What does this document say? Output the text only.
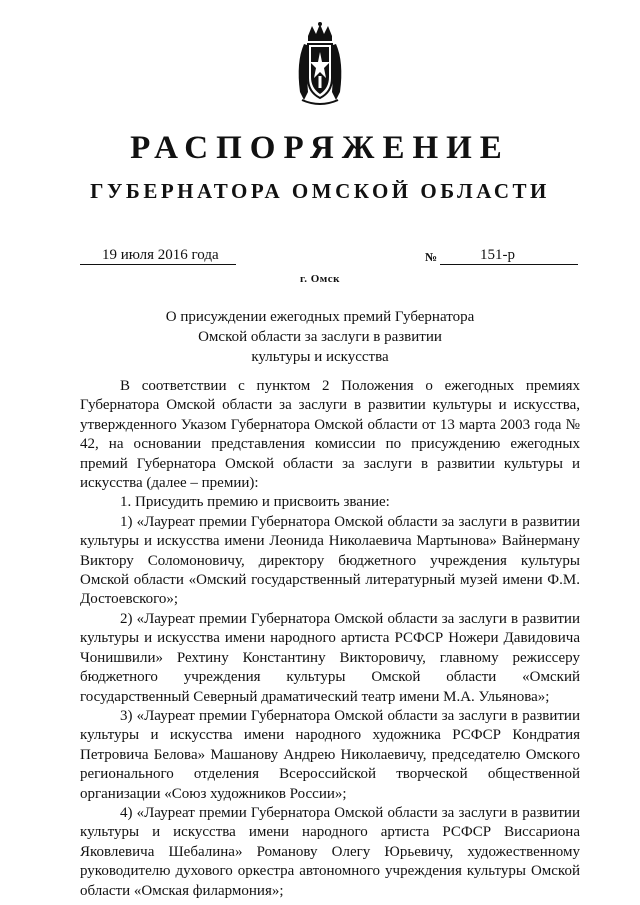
РАСПОРЯЖЕНИЕ
ГУБЕРНАТОРА ОМСКОЙ ОБЛАСТИ
19 июля 2016 года	№	151-р
г. Омск
О присуждении ежегодных премий Губернатора
Омской области за заслуги в развитии
культуры и искусства

В соответствии с пунктом 2 Положения о ежегодных премиях Губернатора Омской области за заслуги в развитии культуры и искусства, утвержденного Указом Губернатора Омской области от 13 марта 2003 года № 42, на основании представления комиссии по присуждению ежегодных премий Губернатора Омской области за заслуги в развитии культуры и искусства (далее – премии):

1. Присудить премию и присвоить звание:

1) «Лауреат премии Губернатора Омской области за заслуги в развитии культуры и искусства имени Леонида Николаевича Мартынова» Вайнерману Виктору Соломоновичу, директору бюджетного учреждения культуры Омской области «Омский государственный литературный музей имени Ф.М. Достоевского»;

2) «Лауреат премии Губернатора Омской области за заслуги в развитии культуры и искусства имени народного артиста РСФСР Ножери Давидовича Чонишвили» Рехтину Константину Викторовичу, главному режиссеру бюджетного учреждения культуры Омской области «Омский государственный Северный драматический театр имени М.А. Ульянова»;

3) «Лауреат премии Губернатора Омской области за заслуги в развитии культуры и искусства имени народного художника РСФСР Кондратия Петровича Белова» Машанову Андрею Николаевичу, председателю Омского регионального отделения Всероссийской творческой общественной организации «Союз художников России»;

4) «Лауреат премии Губернатора Омской области за заслуги в развитии культуры и искусства имени народного артиста РСФСР Виссариона Яковлевича Шебалина» Романову Олегу Юрьевичу, художественному руководителю духового оркестра автономного учреждения культуры Омской области «Омская филармония»;
